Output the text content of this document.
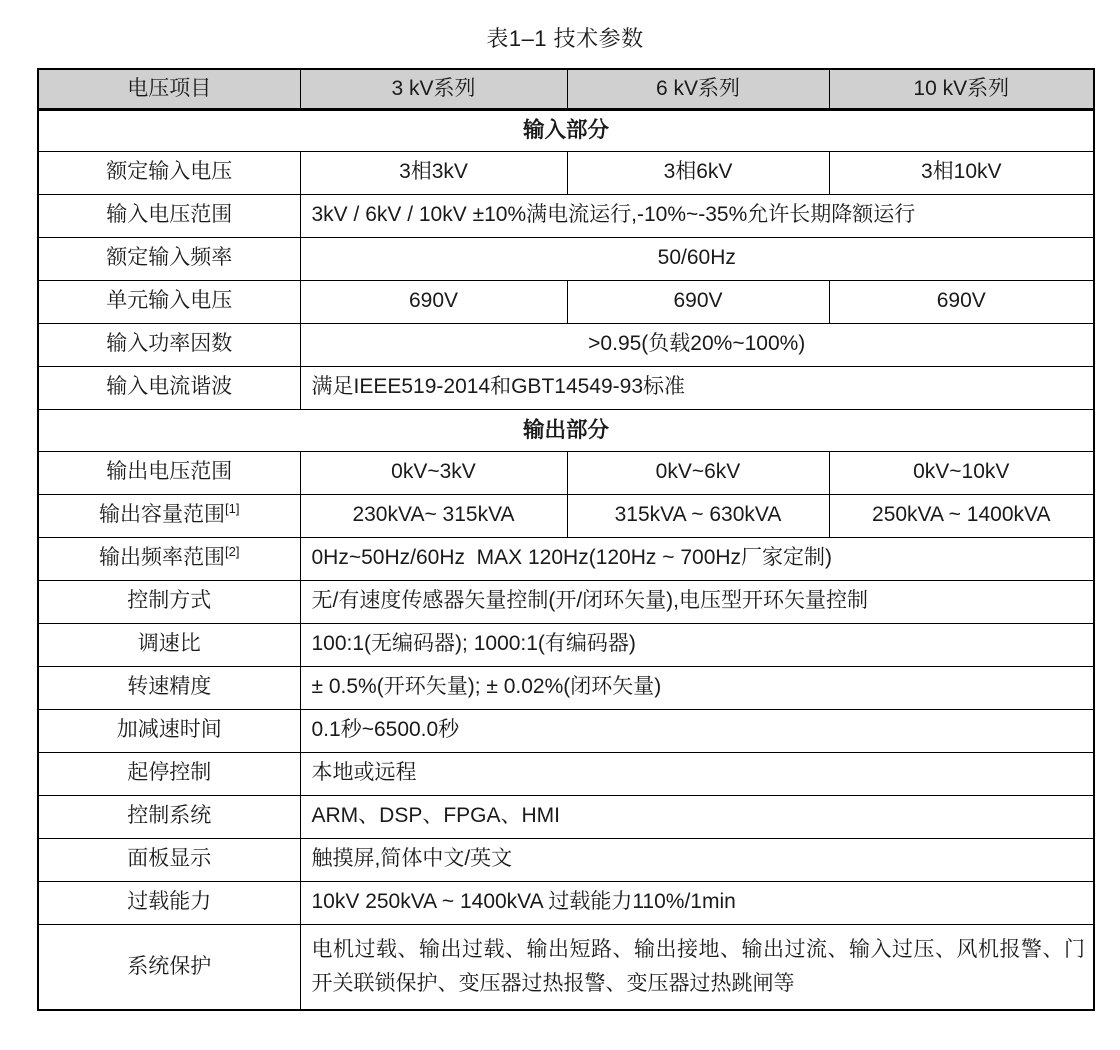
表1–1 技术参数
电压项目	3 kV系列	6 kV系列	10 kV系列
输入部分			
额定输入电压	3相3kV	3相6kV	3相10kV
输入电压范围	3kV / 6kV / 10kV ±10%满电流运行,-10%~-35%允许长期降额运行		
额定输入频率	50/60Hz		
单元输入电压	690V	690V	690V
输入功率因数	>0.95(负载20%~100%)		
输入电流谐波	满足IEEE519-2014和GBT14549-93标准		
输出部分			
输出电压范围	0kV~3kV	0kV~6kV	0kV~10kV
输出容量范围[1]	230kVA~ 315kVA	315kVA ~ 630kVA	250kVA ~ 1400kVA
输出频率范围[2]	0Hz~50Hz/60Hz  MAX 120Hz(120Hz ~ 700Hz厂家定制)		
控制方式	无/有速度传感器矢量控制(开/闭环矢量),电压型开环矢量控制		
调速比	100:1(无编码器); 1000:1(有编码器)		
转速精度	± 0.5%(开环矢量); ± 0.02%(闭环矢量)		
加减速时间	0.1秒~6500.0秒		
起停控制	本地或远程		
控制系统	ARM、DSP、FPGA、HMI		
面板显示	触摸屏,简体中文/英文		
过载能力	10kV 250kVA ~ 1400kVA 过载能力110%/1min		
系统保护	电机过载、输出过载、输出短路、输出接地、输出过流、输入过压、风机报警、门开关联锁保护、变压器过热报警、变压器过热跳闸等		
